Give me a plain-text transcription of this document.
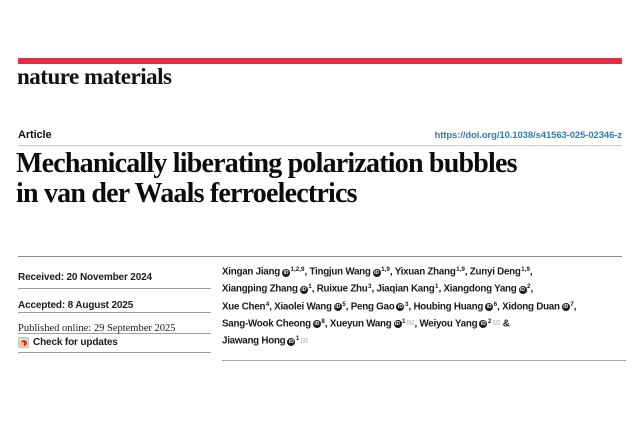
nature materials
Article	https://doi.org/10.1038/s41563-025-02346-z
Mechanically liberating polarization bubbles
in van der Waals ferroelectrics
Received: 20 November 2024
Accepted: 8 August 2025
Published online: 29 September 2025
Check for updates
Xingan Jiang iD $^{1,2,9}$, Tingjun Wang iD $^{1,9}$, Yixuan Zhang$^{1,9}$, Zunyi Deng$^{1,9}$,
Xiangping Zhang iD $^1$, Ruixue Zhu$^3$, Jiaqian Kang$^1$, Xiangdong Yang iD $^2$,
Xue Chen$^4$, Xiaolei Wang iD $^5$, Peng Gao iD $^3$, Houbing Huang iD $^6$, Xidong Duan iD $^7$,
Sang-Wook Cheong iD $^8$, Xueyun Wang iD $^1$✉, Weiyou Yang iD $^2$✉ &
Jiawang Hong iD $^1$✉
